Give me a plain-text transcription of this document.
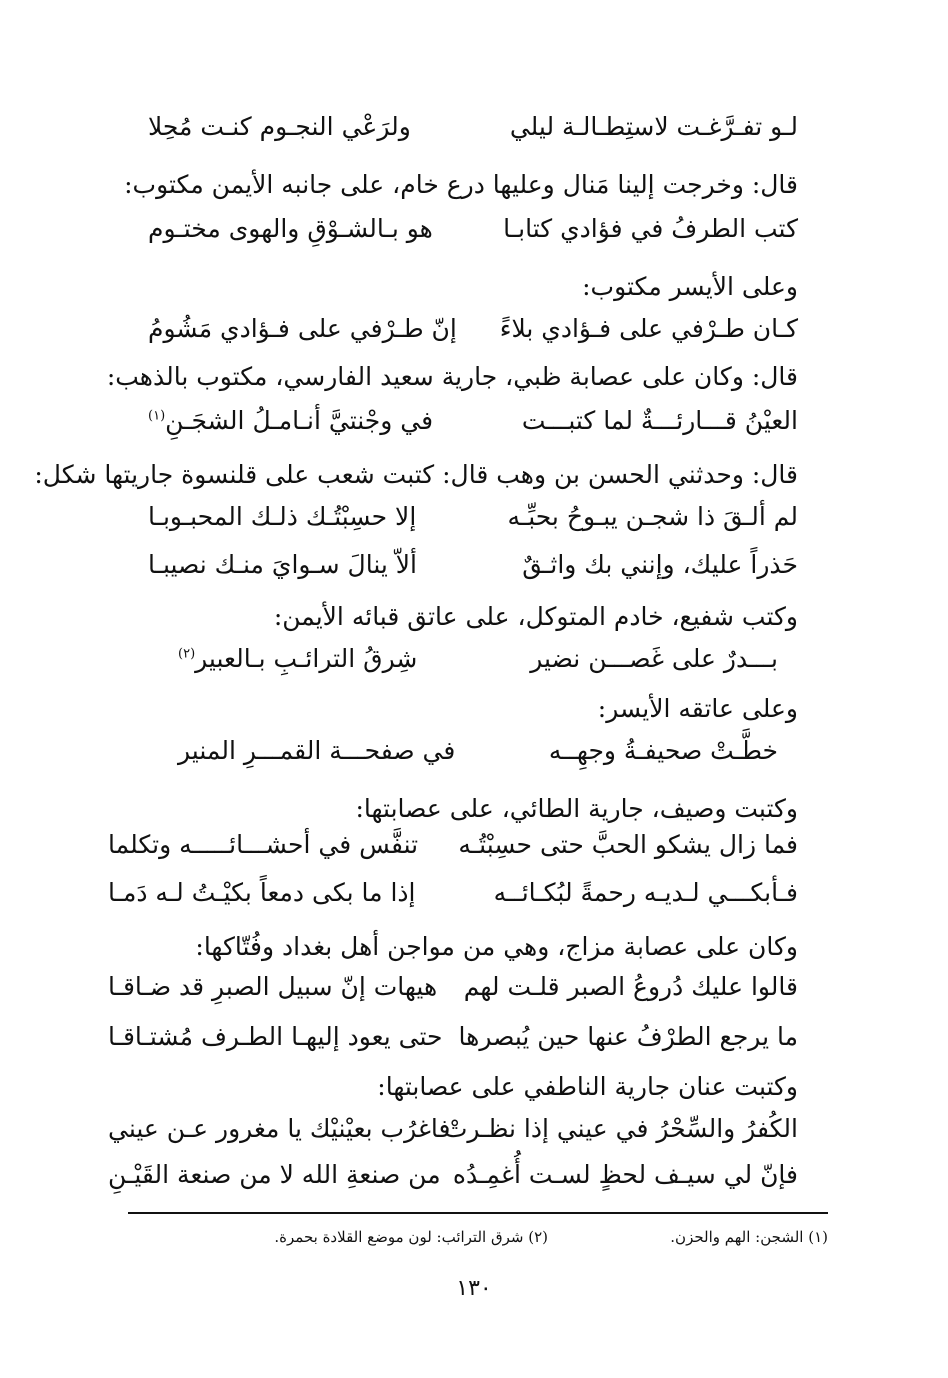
لـو تفـرَّغـت لاستِطـالـة ليلي
ولرَعْي النجـوم كنـت مُحِلا
قال: وخرجت إلينا مَنال وعليها درع خام، على جانبه الأيمن مكتوب:
كتب الطرفُ في فؤادي كتابـا
هو بـالشـوْقِ والهوى مختـوم
وعلى الأيسر مكتوب:
كـان طـرْفي على فـؤادي بلاءً
إنّ طـرْفي على فـؤادي مَشُومُ
قال: وكان على عصابة ظبي، جارية سعيد الفارسي، مكتوب بالذهب:
العيْنُ قـــارئـــةٌ لما كتبـــت
في وجْنتيَّ أنـامـلُ الشجَـنِ$^{(١)}$
قال: وحدثني الحسن بن وهب قال: كتبت شعب على قلنسوة جاريتها شكل:
لم ألـقَ ذا شجـن يبـوحُ بحبِّـه
إلا حسِبْتُـك ذلـك المحبـوبـا
حَذراً عليك، وإنني بك واثـقٌ
ألاّ ينالَ سـوايَ منـك نصيبـا
وكتب شفيع، خادم المتوكل، على عاتق قبائه الأيمن:
بـــدرٌ على غَصـــن نضير
شِرقُ الترائـبِ بـالعبير$^{(٢)}$
وعلى عاتقه الأيسر:
خطَّـتْ صحيفـةُ وجهِــه
في صفحـــة القمـــرِ المنير
وكتبت وصيف، جارية الطائي، على عصابتها:
فما زال يشكو الحبَّ حتى حسِبْتُـه
تنفَّس في أحشـــائـــــه وتكلما
فـأبكـــي لـديـه رحمةً لبُكـائــه
إذا ما بكى دمعاً بكيْـتُ لـه دَمـا
وكان على عصابة مزاج، وهي من مواجن أهل بغداد وفُتّاكها:
قالوا عليك دُروعُ الصبر قلـت لهم
هيهات إنّ سبيل الصبرِ قد ضـاقـا
ما يرجع الطرْفُ عنها حين يُبصرها
حتى يعود إليهـا الطـرف مُشتـاقـا
وكتبت عنان جارية الناطفي على عصابتها:
الكُفرُ والسِّحْرُ في عيني إذا نظـرتْ
فاغرُب بعيْنيْك يا مغرور عـن عيني
فإنّ لي سيـف لحظٍ لسـت أُغمِـدُه
من صنعةِ الله لا من صنعة القَيْـنِ
(١) الشجن: الهم والحزن.
(٢) شرق الترائب: لون موضع القلادة بحمرة.
١٣٠
